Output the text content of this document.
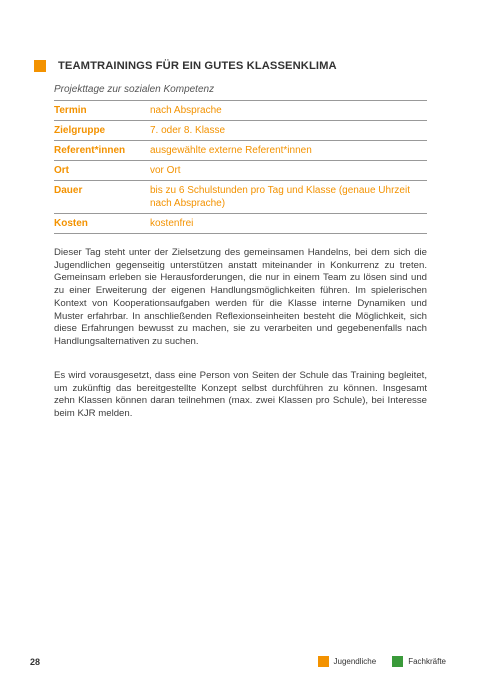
TEAMTRAININGS FÜR EIN GUTES KLASSENKLIMA
Projekttage zur sozialen Kompetenz
Termin	nach Absprache
Zielgruppe	7. oder 8. Klasse
Referent*innen	ausgewählte externe Referent*innen
Ort	vor Ort
Dauer	bis zu 6 Schulstunden pro Tag und Klasse (genaue Uhrzeit nach Absprache)
Kosten	kostenfrei

Dieser Tag steht unter der Zielsetzung des gemeinsamen Handelns, bei dem sich die Jugendlichen gegenseitig unterstützen anstatt miteinander in Konkurrenz zu treten. Gemeinsam erleben sie Herausforderungen, die nur in einem Team zu lösen sind und zu einer Erweiterung der eigenen Handlungsmöglichkeiten führen. Im spielerischen Kontext von Kooperationsaufgaben werden für die Klasse interne Dynamiken und Muster erfahrbar. In anschließenden Reflexionseinheiten besteht die Möglichkeit, sich diese Erfahrungen bewusst zu machen, sie zu verarbeiten und gegebenenfalls nach Handlungsalternativen zu suchen.

Es wird vorausgesetzt, dass eine Person von Seiten der Schule das Training begleitet, um zukünftig das bereitgestellte Konzept selbst durchführen zu können. Insgesamt zehn Klassen können daran teilnehmen (max. zwei Klassen pro Schule), bei Interesse beim KJR melden.

28	Jugendliche	Fachkräfte
